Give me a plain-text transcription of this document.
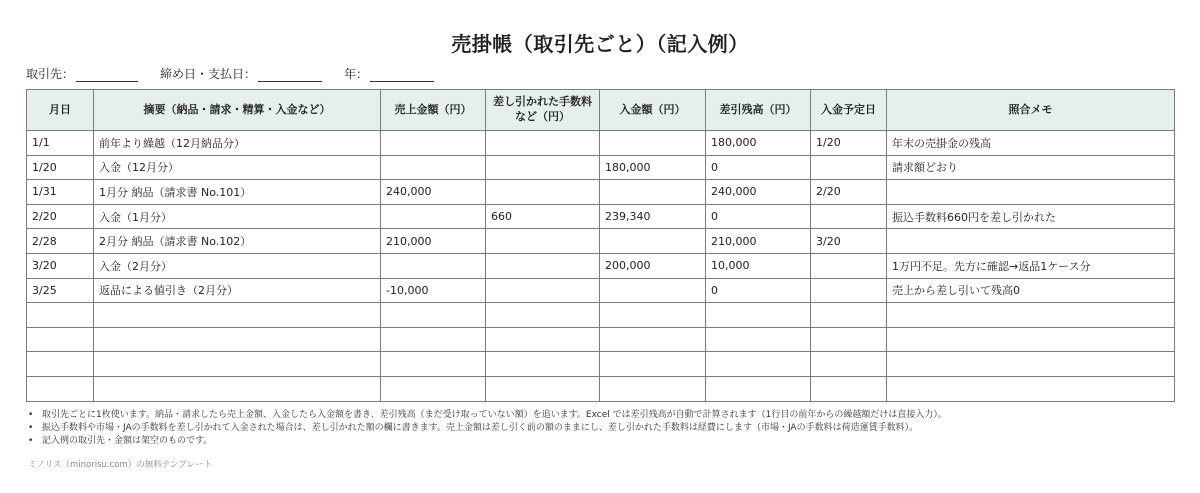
売掛帳（取引先ごと）（記入例）
取引先：	締め日・支払日：	年：
月日	摘要（納品・請求・精算・入金など）	売上金額（円）	差し引かれた手数料
など（円）	入金額（円）	差引残高（円）	入金予定日	照合メモ
1/1	前年より繰越（12月納品分）				180,000	1/20	年末の売掛金の残高
1/20	入金（12月分）			180,000	0		請求額どおり
1/31	1月分 納品（請求書 No.101）	240,000			240,000	2/20	
2/20	入金（1月分）		660	239,340	0		振込手数料660円を差し引かれた
2/28	2月分 納品（請求書 No.102）	210,000			210,000	3/20	
3/20	入金（2月分）			200,000	10,000		1万円不足。先方に確認→返品1ケース分
3/25	返品による値引き（2月分）	-10,000			0		売上から差し引いて残高0

• 取引先ごとに1枚使います。納品・請求したら売上金額、入金したら入金額を書き、差引残高（まだ受け取っていない額）を追います。Excel では差引残高が自動で計算されます（1行目の前年からの繰越額だけは直接入力）。
• 振込手数料や市場・JAの手数料を差し引かれて入金された場合は、差し引かれた額の欄に書きます。売上金額は差し引く前の額のままにし、差し引かれた手数料は経費にします（市場・JAの手数料は荷造運賃手数料）。
• 記入例の取引先・金額は架空のものです。
ミノリス（minorisu.com）の無料テンプレート
